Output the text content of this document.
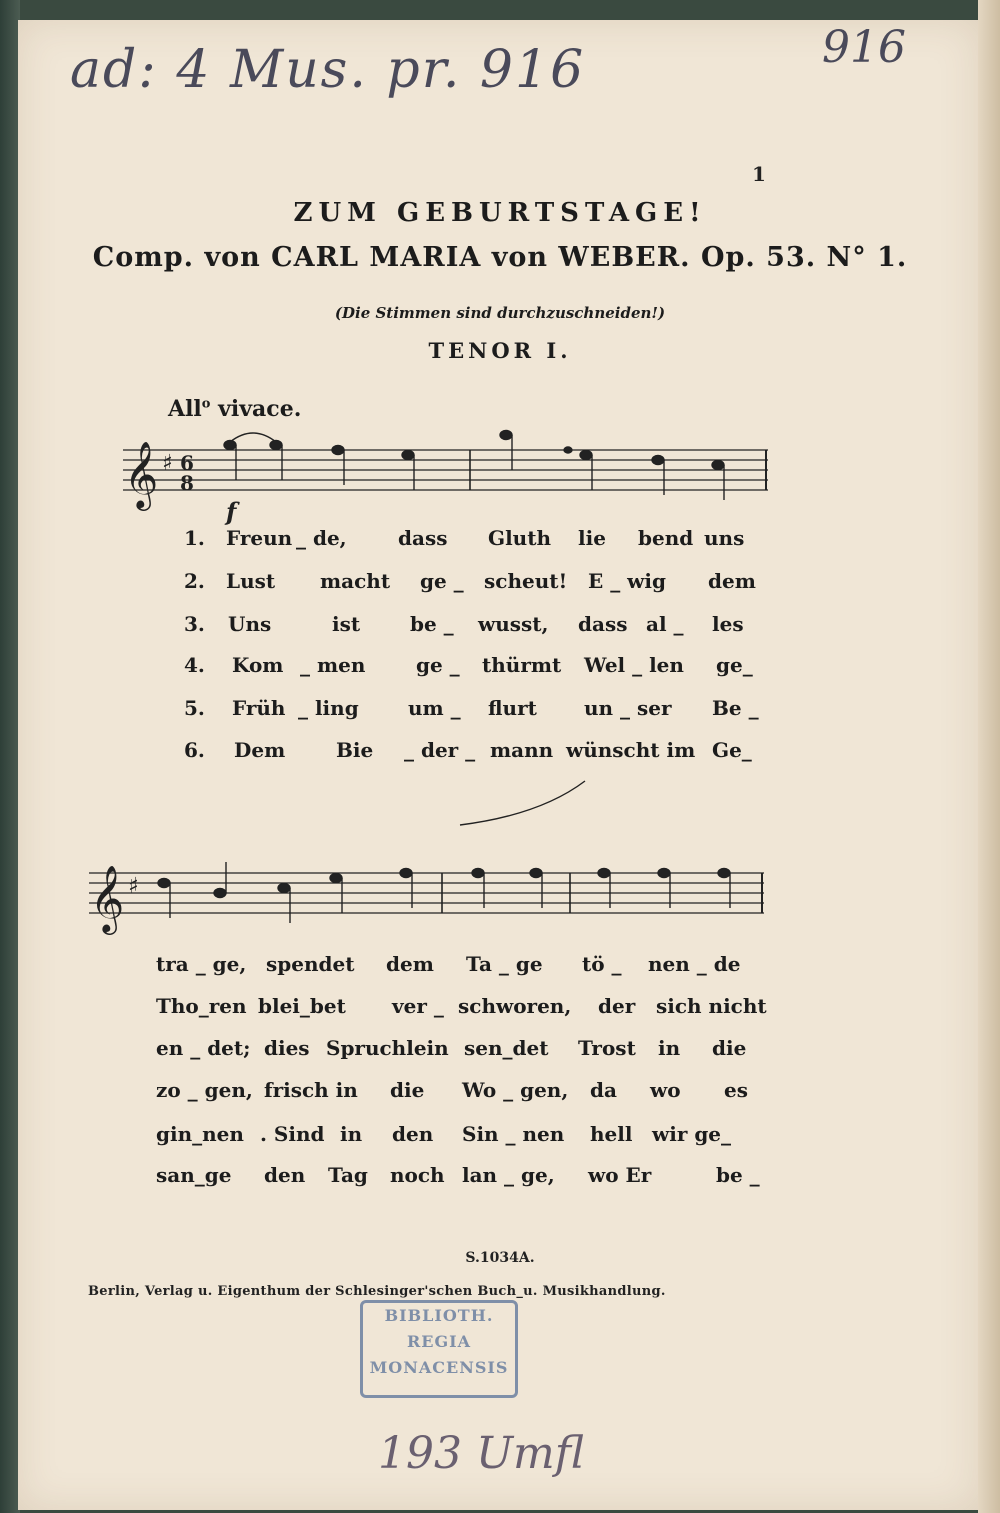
ad: 4 Mus. pr. 916	916
1
ZUM GEBURTSTAGE!
Comp. von CARL MARIA von WEBER. Op. 53. N° 1.
(Die Stimmen sind durchzuschneiden!)
TENOR I.
All$^o$ vivace.
𝄞 ♯ 6
8
f
1. Freun _ de,	dass Gluth lie bend uns
2. Lust macht	scheut!
ge _	E _ wig dem
3. Uns	ist be _ wusst, dass al _ les
4. Kom _ men	ge _ thürmt Wel _ len ge_
5. Früh _ ling um _ flurt un _ ser Be _
6. Dem	Bie _ der _ mann wünscht im Ge_
𝄞 ♯
tra _ ge, spendet dem Ta _ ge tö _ nen _ de
Tho_ren blei_bet ver _ schworen, der sich nicht
en _ det; dies Spruchlein sen_det Trost in die
zo _ gen, frisch in die Wo _ gen, da wo es
gin_nen . Sind in den Sin _ nen hell wir ge_
san_ge den Tag noch lan _ ge, wo Er	be _
S.1034A.
Berlin, Verlag u. Eigenthum der Schlesinger'schen Buch_u. Musikhandlung.
BIBLIOTH.
REGIA
MONACENSIS
193 Umfl
